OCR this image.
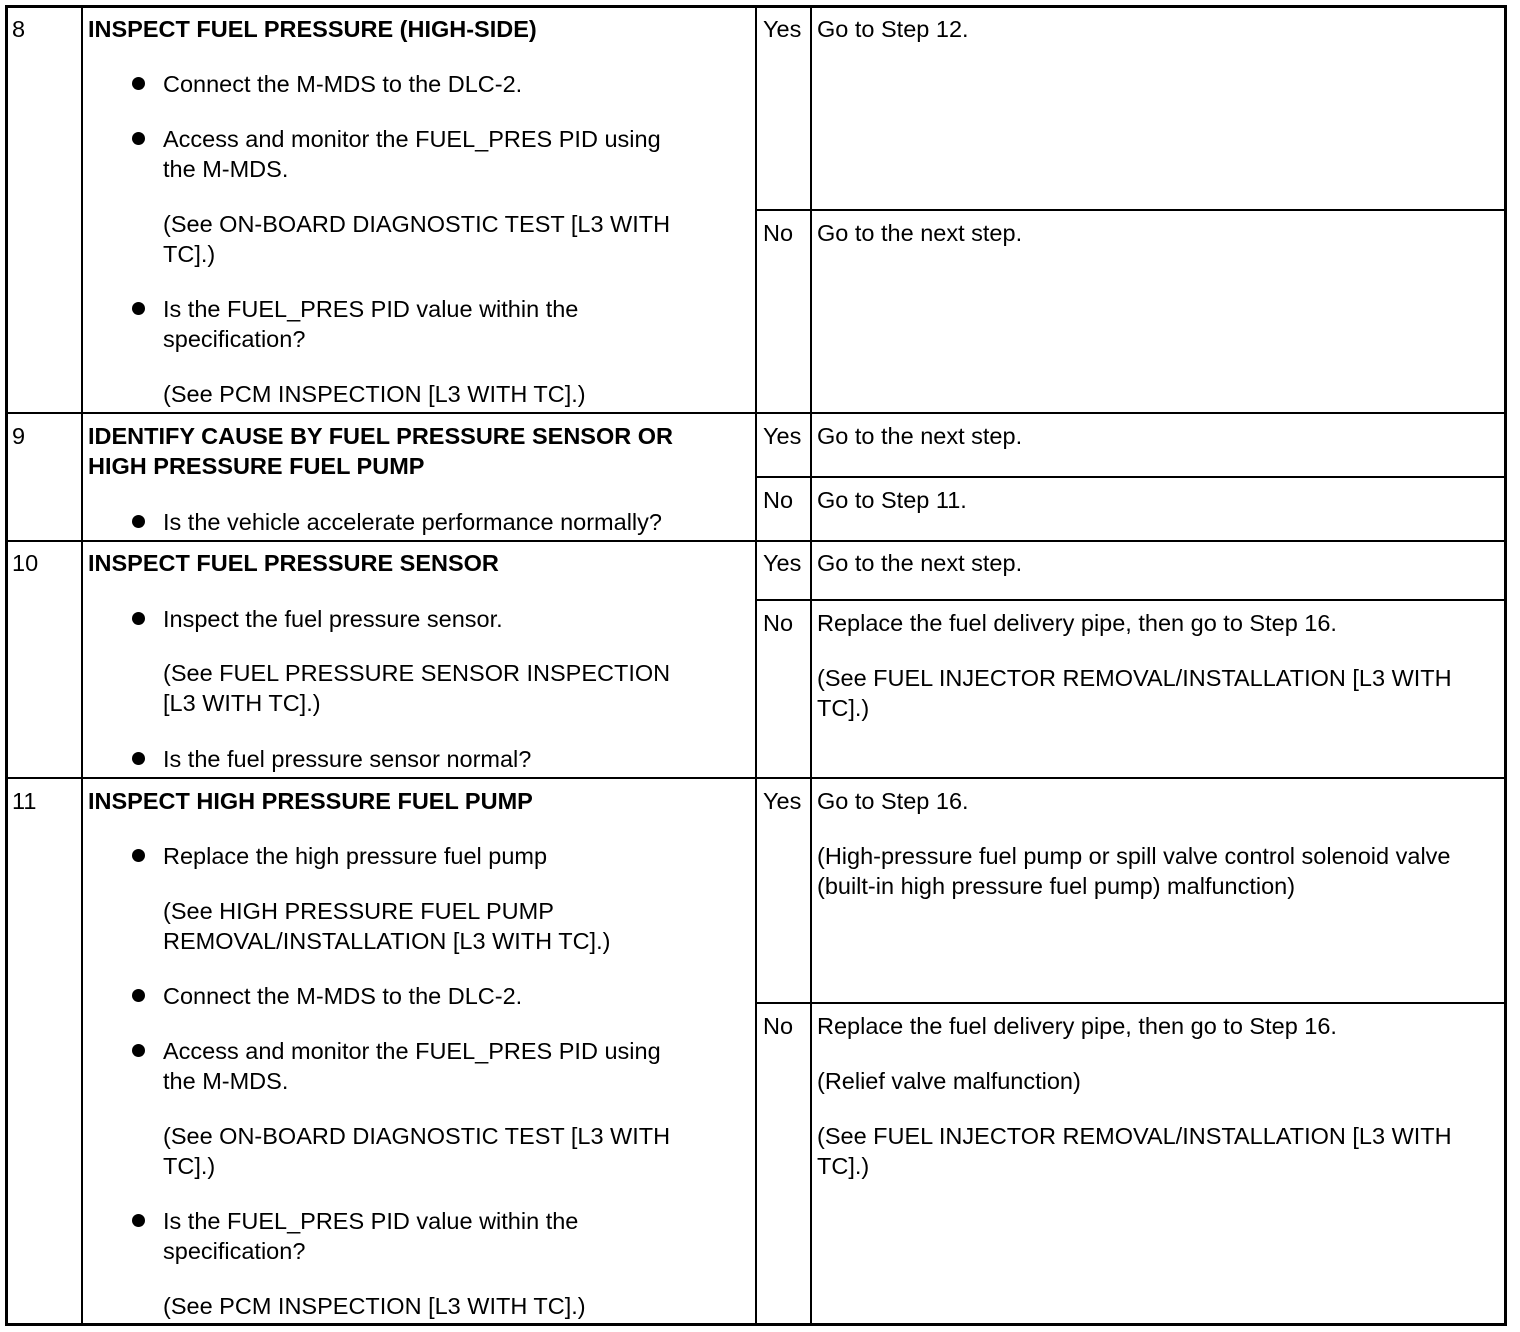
8	INSPECT FUEL PRESSURE (HIGH-SIDE)
Connect the M-MDS to the DLC-2.
Access and monitor the FUEL_PRES PID using
the M-MDS.
(See ON-BOARD DIAGNOSTIC TEST [L3 WITH
TC].)
Is the FUEL_PRES PID value within the
specification?
(See PCM INSPECTION [L3 WITH TC].)
Yes Go to Step 12.
No Go to the next step.
9	IDENTIFY CAUSE BY FUEL PRESSURE SENSOR OR
HIGH PRESSURE FUEL PUMP
Is the vehicle accelerate performance normally?
Yes Go to the next step.
No Go to Step 11.
10 INSPECT FUEL PRESSURE SENSOR
Inspect the fuel pressure sensor.
(See FUEL PRESSURE SENSOR INSPECTION
[L3 WITH TC].)
Is the fuel pressure sensor normal?
Yes Go to the next step.
No Replace the fuel delivery pipe, then go to Step 16.
(See FUEL INJECTOR REMOVAL/INSTALLATION [L3 WITH
TC].)
11 INSPECT HIGH PRESSURE FUEL PUMP
Replace the high pressure fuel pump
(See HIGH PRESSURE FUEL PUMP
REMOVAL/INSTALLATION [L3 WITH TC].)
Connect the M-MDS to the DLC-2.
Access and monitor the FUEL_PRES PID using
the M-MDS.
(See ON-BOARD DIAGNOSTIC TEST [L3 WITH
TC].)
Is the FUEL_PRES PID value within the
specification?
(See PCM INSPECTION [L3 WITH TC].)
Yes Go to Step 16.
(High-pressure fuel pump or spill valve control solenoid valve
(built-in high pressure fuel pump) malfunction)
No Replace the fuel delivery pipe, then go to Step 16.
(Relief valve malfunction)
(See FUEL INJECTOR REMOVAL/INSTALLATION [L3 WITH
TC].)
